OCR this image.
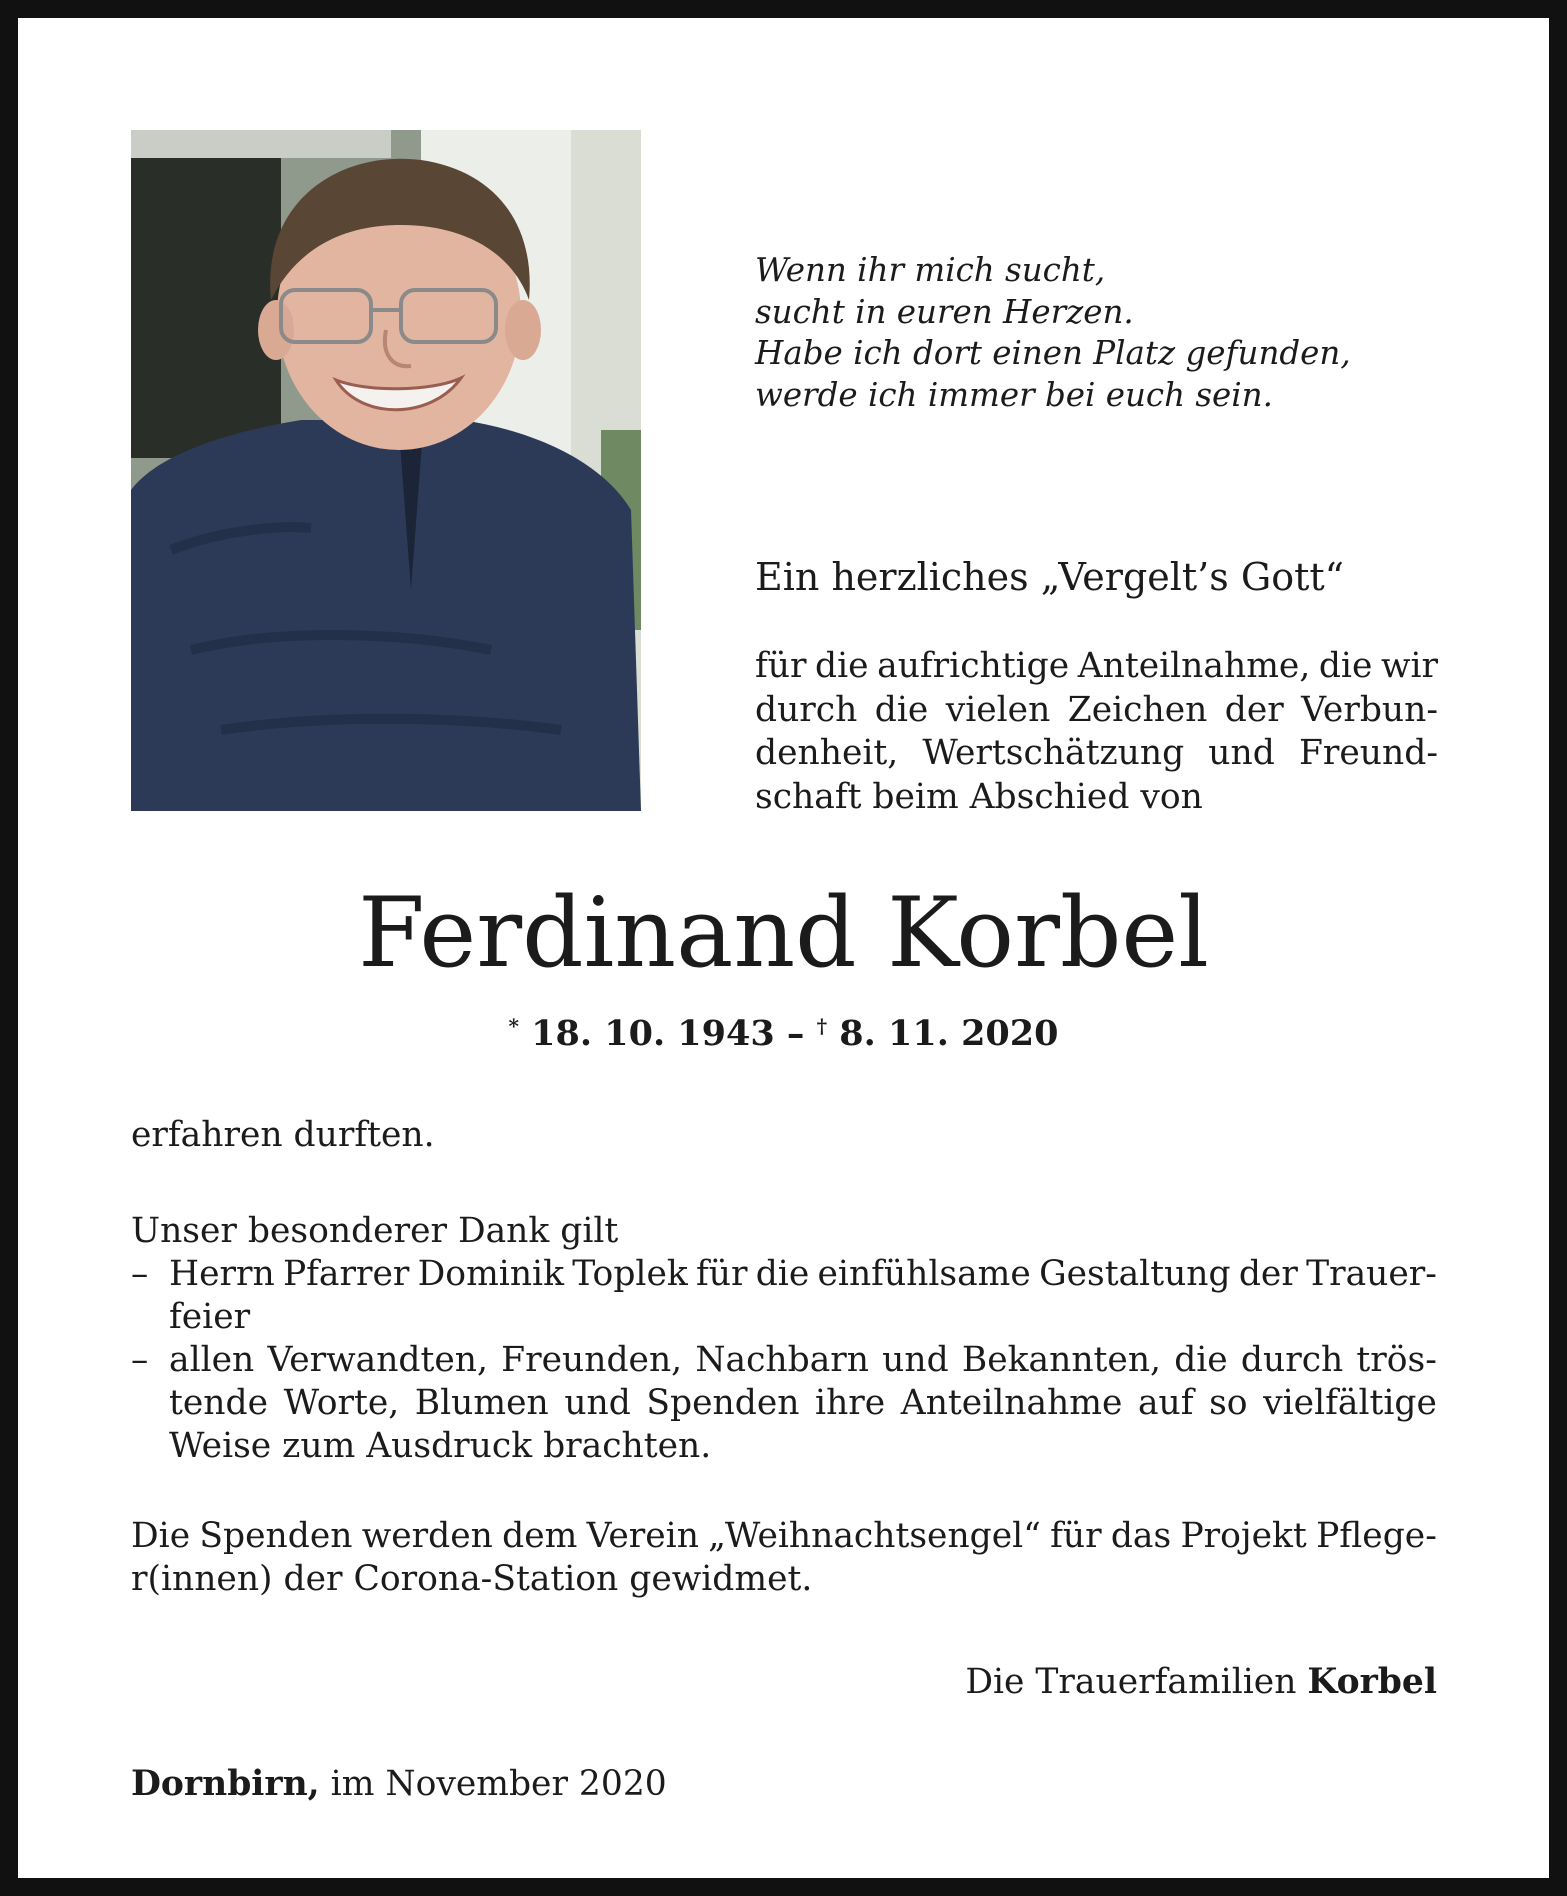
Wenn ihr mich sucht,
sucht in euren Herzen.
Habe ich dort einen Platz gefunden,
werde ich immer bei euch sein.
Ein herzliches „Vergelt’s Gott“
für die aufrichtige Anteilnahme, die wir
durch die vielen Zeichen der Verbun-
denheit, Wertschätzung und Freund-
schaft beim Abschied von
Ferdinand Korbel
* 18. 10. 1943 – † 8. 11. 2020
erfahren durften.
Unser besonderer Dank gilt
– Herrn Pfarrer Dominik Toplek für die einfühlsame Gestaltung der Trauer-
feier
– allen Verwandten, Freunden, Nachbarn und Bekannten, die durch trös-
tende Worte, Blumen und Spenden ihre Anteilnahme auf so vielfältige
Weise zum Ausdruck brachten.
Die Spenden werden dem Verein „Weihnachtsengel“ für das Projekt Pflege-
r(innen) der Corona-Station gewidmet.
Die Trauerfamilien Korbel
Dornbirn, im November 2020
